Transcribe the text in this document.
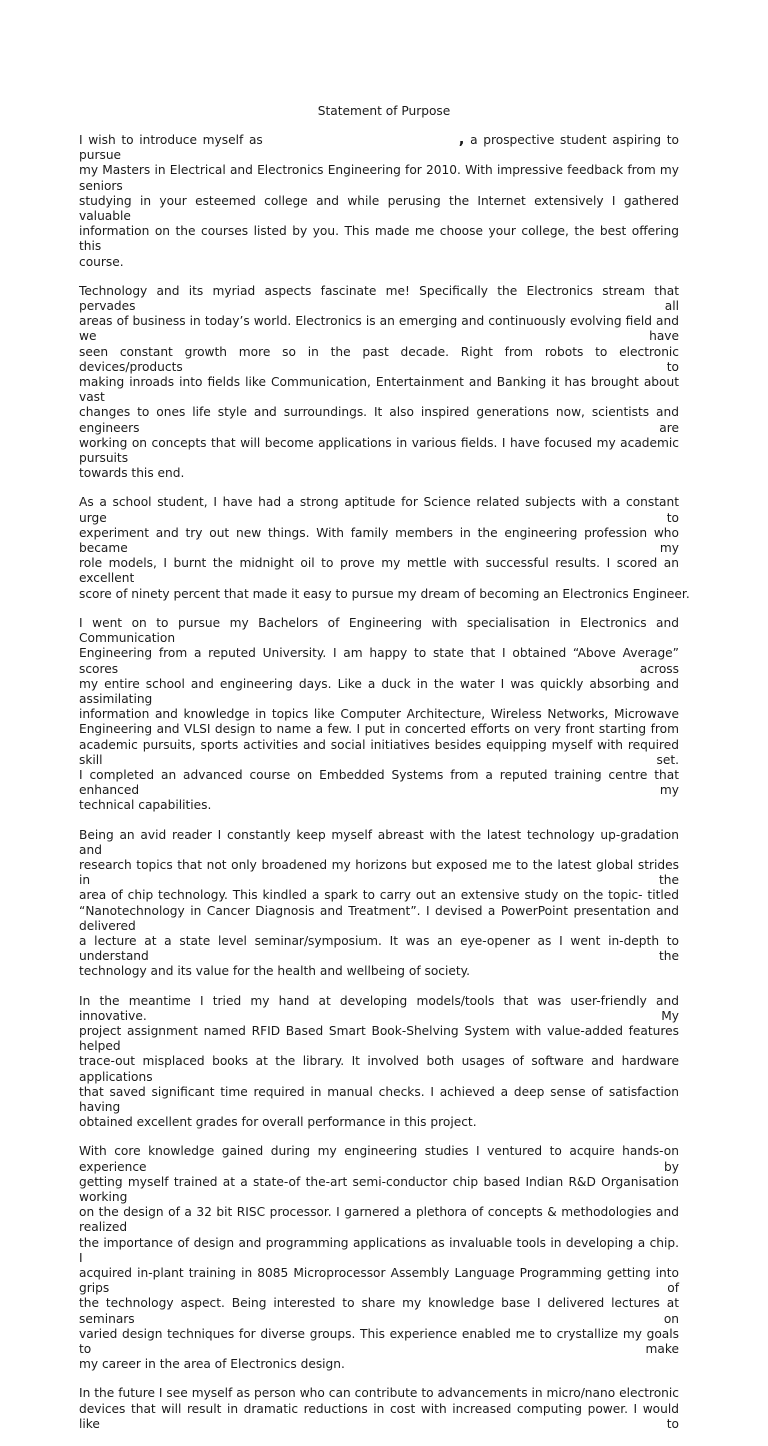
Statement of Purpose

I wish to introduce myself as	, a prospective student aspiring to pursue
my Masters in Electrical and Electronics Engineering for 2010. With impressive feedback from my seniors
studying in your esteemed college and while perusing the Internet extensively I gathered valuable
information on the courses listed by you. This made me choose your college, the best offering this
course.

Technology and its myriad aspects fascinate me! Specifically the Electronics stream that pervades all
areas of business in today’s world. Electronics is an emerging and continuously evolving field and we have
seen constant growth more so in the past decade. Right from robots to electronic devices/products to
making inroads into fields like Communication, Entertainment and Banking it has brought about vast
changes to ones life style and surroundings. It also inspired generations now, scientists and engineers are
working on concepts that will become applications in various fields. I have focused my academic pursuits
towards this end.

As a school student, I have had a strong aptitude for Science related subjects with a constant urge to
experiment and try out new things. With family members in the engineering profession who became my
role models, I burnt the midnight oil to prove my mettle with successful results. I scored an excellent
score of ninety percent that made it easy to pursue my dream of becoming an Electronics Engineer.

I went on to pursue my Bachelors of Engineering with specialisation in Electronics and Communication
Engineering from a reputed University. I am happy to state that I obtained “Above Average” scores across
my entire school and engineering days. Like a duck in the water I was quickly absorbing and assimilating
information and knowledge in topics like Computer Architecture, Wireless Networks, Microwave
Engineering and VLSI design to name a few. I put in concerted efforts on very front starting from
academic pursuits, sports activities and social initiatives besides equipping myself with required skill set.
I completed an advanced course on Embedded Systems from a reputed training centre that enhanced my
technical capabilities.

Being an avid reader I constantly keep myself abreast with the latest technology up-gradation and
research topics that not only broadened my horizons but exposed me to the latest global strides in the
area of chip technology. This kindled a spark to carry out an extensive study on the topic- titled
“Nanotechnology in Cancer Diagnosis and Treatment”. I devised a PowerPoint presentation and delivered
a lecture at a state level seminar/symposium. It was an eye-opener as I went in-depth to understand the
technology and its value for the health and wellbeing of society.

In the meantime I tried my hand at developing models/tools that was user-friendly and innovative. My
project assignment named RFID Based Smart Book-Shelving System with value-added features helped
trace-out misplaced books at the library. It involved both usages of software and hardware applications
that saved significant time required in manual checks. I achieved a deep sense of satisfaction having
obtained excellent grades for overall performance in this project.

With core knowledge gained during my engineering studies I ventured to acquire hands-on experience by
getting myself trained at a state-of the-art semi-conductor chip based Indian R&D Organisation working
on the design of a 32 bit RISC processor. I garnered a plethora of concepts & methodologies and realized
the importance of design and programming applications as invaluable tools in developing a chip. I
acquired in-plant training in 8085 Microprocessor Assembly Language Programming getting into grips of
the technology aspect. Being interested to share my knowledge base I delivered lectures at seminars on
varied design techniques for diverse groups. This experience enabled me to crystallize my goals to make
my career in the area of Electronics design.

In the future I see myself as person who can contribute to advancements in micro/nano electronic
devices that will result in dramatic reductions in cost with increased computing power. I would like to
